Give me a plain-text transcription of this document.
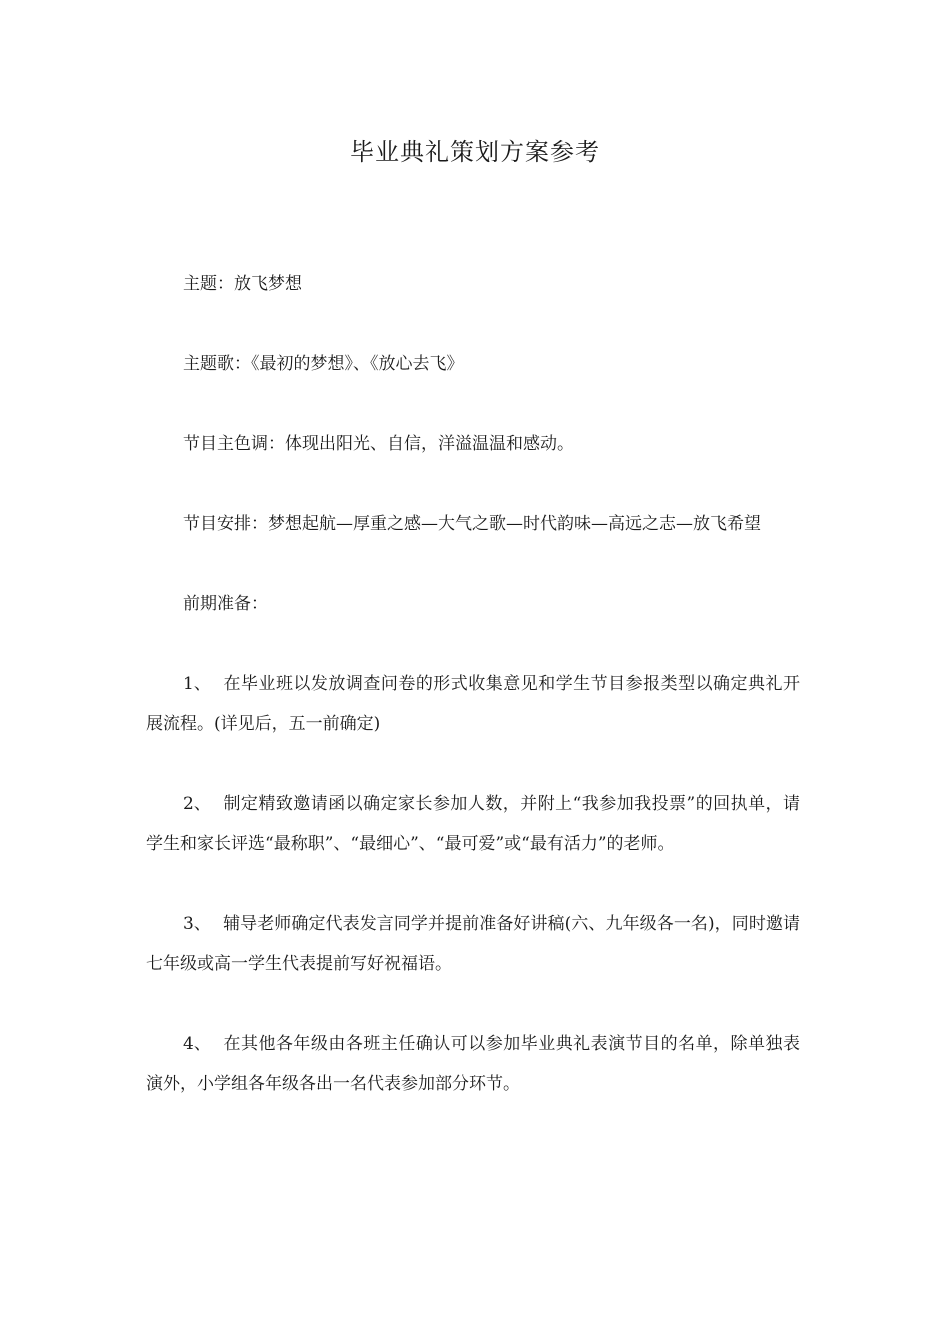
毕业典礼策划方案参考

主题：放飞梦想

主题歌：《最初的梦想》、《放心去飞》

节目主色调：体现出阳光、自信，洋溢温温和感动。

节目安排：梦想起航—厚重之感—大气之歌—时代韵味—高远之志—放飞希望

前期准备：

1、 在毕业班以发放调查问卷的形式收集意见和学生节目参报类型以确定典礼开展流程。(详见后，五一前确定)

2、 制定精致邀请函以确定家长参加人数，并附上“我参加我投票”的回执单，请学生和家长评选“最称职”、“最细心”、“最可爱”或“最有活力”的老师。

3、 辅导老师确定代表发言同学并提前准备好讲稿(六、九年级各一名)，同时邀请七年级或高一学生代表提前写好祝福语。

4、 在其他各年级由各班主任确认可以参加毕业典礼表演节目的名单，除单独表演外，小学组各年级各出一名代表参加部分环节。
